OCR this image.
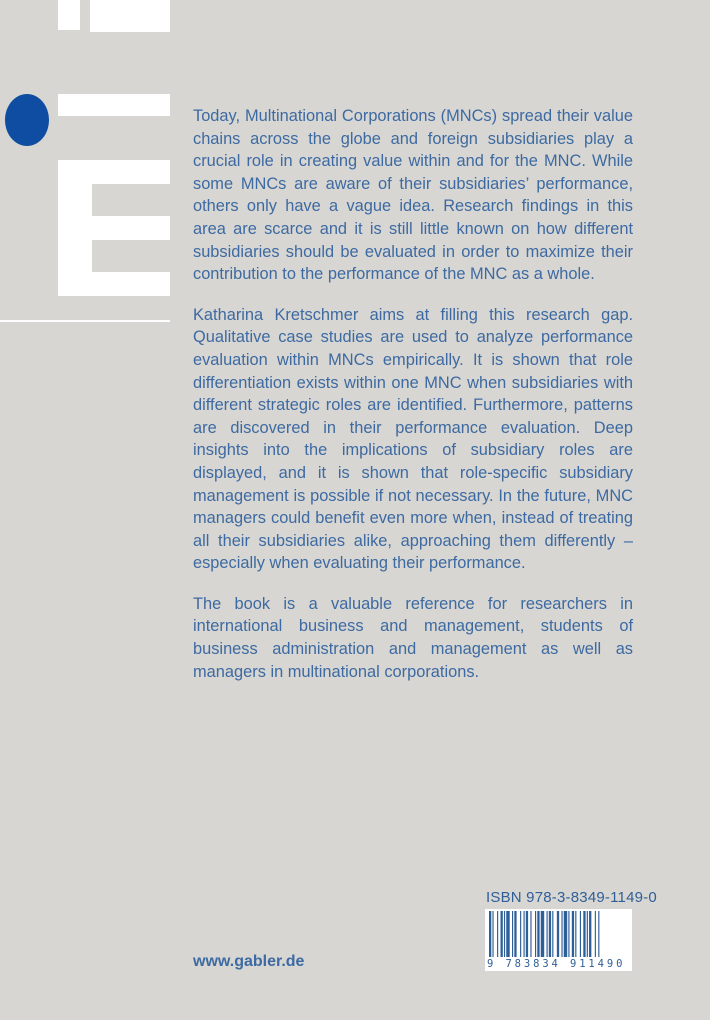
Today, Multinational Corporations (MNCs) spread their value chains across the globe and foreign subsidiaries play a crucial role in creating value within and for the MNC. While some MNCs are aware of their subsidiaries’ performance, others only have a vague idea. Research findings in this area are scarce and it is still little known on how different subsidiaries should be evaluated in order to maximize their contribution to the performance of the MNC as a whole.

Katharina Kretschmer aims at filling this research gap. Qualitative case studies are used to analyze performance evaluation within MNCs empirically. It is shown that role differentiation exists within one MNC when subsidiaries with different strategic roles are identified. Furthermore, patterns are discovered in their performance evaluation. Deep insights into the implications of subsidiary roles are displayed, and it is shown that role-specific subsidiary management is possible if not necessary. In the future, MNC managers could benefit even more when, instead of treating all their subsidiaries alike, approaching them differently – especially when evaluating their performance.

The book is a valuable reference for researchers in international business and management, students of business administration and management as well as managers in multinational corporations.

www.gabler.de
ISBN 978-3-8349-1149-0
9 783834 911490
